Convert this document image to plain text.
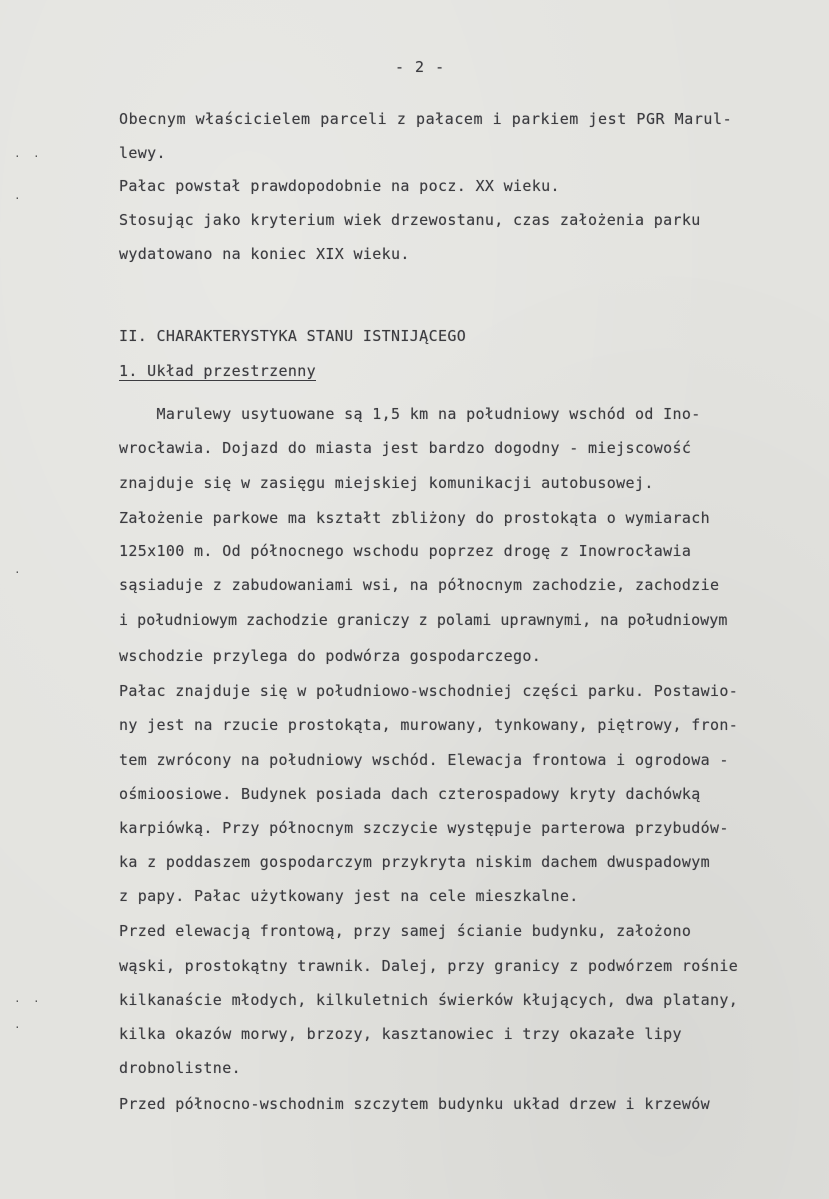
- 2 -
Obecnym właścicielem parceli z pałacem i parkiem jest PGR Marul-
lewy.
Pałac powstał prawdopodobnie na pocz. XX wieku.
Stosując jako kryterium wiek drzewostanu, czas założenia parku
wydatowano na koniec XIX wieku.
II. CHARAKTERYSTYKA STANU ISTNIJĄCEGO
1. Układ przestrzenny
Marulewy usytuowane są 1,5 km na południowy wschód od Ino-
wrocławia. Dojazd do miasta jest bardzo dogodny - miejscowość
znajduje się w zasięgu miejskiej komunikacji autobusowej.
Założenie parkowe ma kształt zbliżony do prostokąta o wymiarach
125x100 m. Od północnego wschodu poprzez drogę z Inowrocławia
sąsiaduje z zabudowaniami wsi, na północnym zachodzie, zachodzie
i południowym zachodzie graniczy z polami uprawnymi, na południowym
wschodzie przylega do podwórza gospodarczego.
Pałac znajduje się w południowo-wschodniej części parku. Postawio-
ny jest na rzucie prostokąta, murowany, tynkowany, piętrowy, fron-
tem zwrócony na południowy wschód. Elewacja frontowa i ogrodowa -
ośmioosiowe. Budynek posiada dach czterospadowy kryty dachówką
karpiówką. Przy północnym szczycie występuje parterowa przybudów-
ka z poddaszem gospodarczym przykryta niskim dachem dwuspadowym
z papy. Pałac użytkowany jest na cele mieszkalne.
Przed elewacją frontową, przy samej ścianie budynku, założono
wąski, prostokątny trawnik. Dalej, przy granicy z podwórzem rośnie
kilkanaście młodych, kilkuletnich świerków kłujących, dwa platany,
kilka okazów morwy, brzozy, kasztanowiec i trzy okazałe lipy
drobnolistne.
Przed północno-wschodnim szczytem budynku układ drzew i krzewów
· ·
·
·
· ·
·
